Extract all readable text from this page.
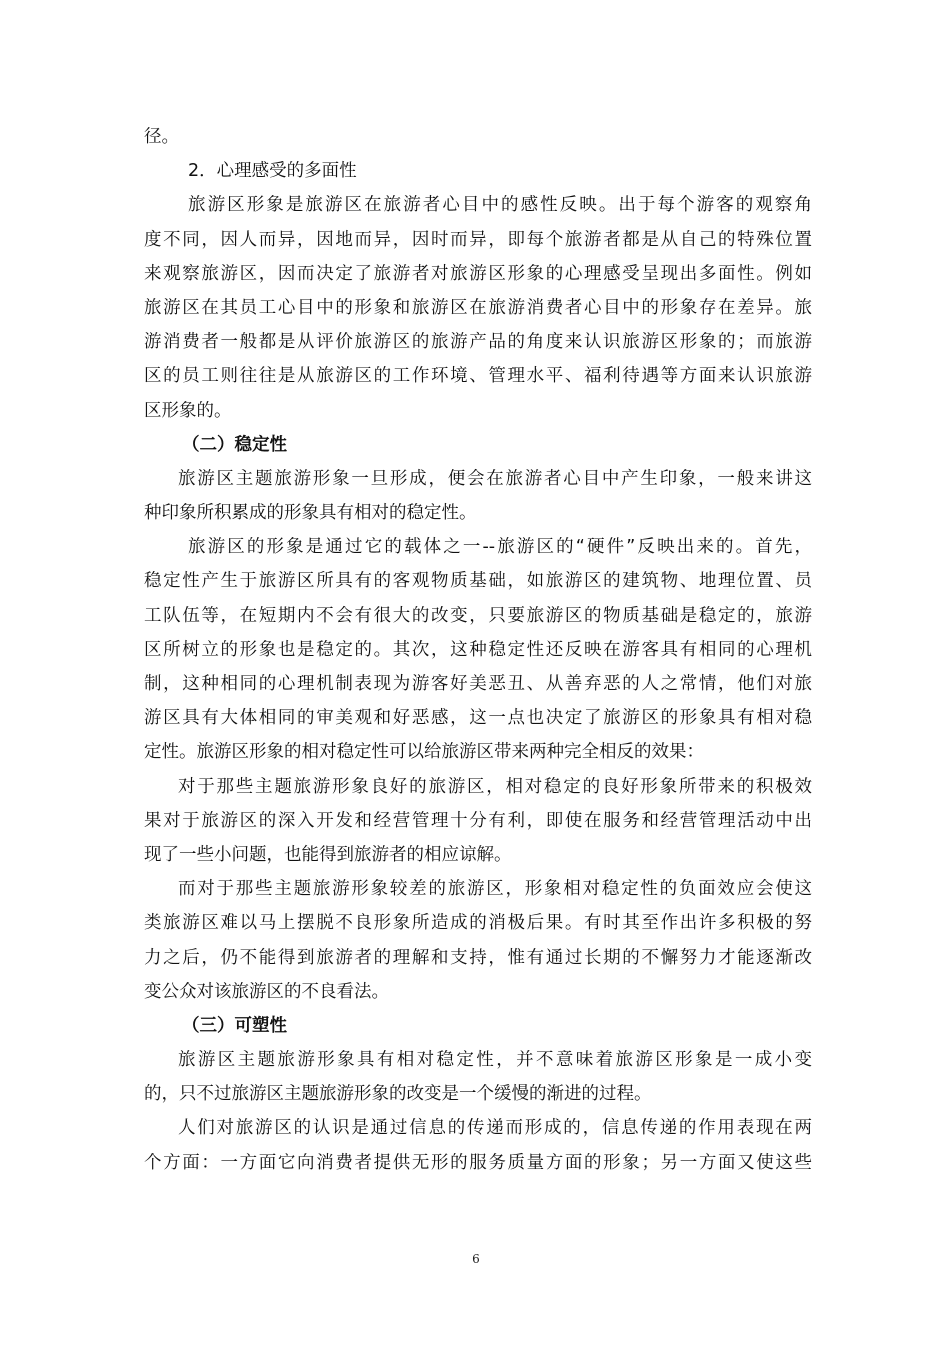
径。
2．心理感受的多面性
旅游区形象是旅游区在旅游者心目中的感性反映。出于每个游客的观察角
度不同，因人而异，因地而异，因时而异，即每个旅游者都是从自己的特殊位置
来观察旅游区，因而决定了旅游者对旅游区形象的心理感受呈现出多面性。例如
旅游区在其员工心目中的形象和旅游区在旅游消费者心目中的形象存在差异。旅
游消费者一般都是从评价旅游区的旅游产品的角度来认识旅游区形象的；而旅游
区的员工则往往是从旅游区的工作环境、管理水平、福利待遇等方面来认识旅游
区形象的。
（二）稳定性
旅游区主题旅游形象一旦形成，便会在旅游者心目中产生印象，一般来讲这
种印象所积累成的形象具有相对的稳定性。
旅游区的形象是通过它的载体之一--旅游区的“硬件”反映出来的。首先，
稳定性产生于旅游区所具有的客观物质基础，如旅游区的建筑物、地理位置、员
工队伍等，在短期内不会有很大的改变，只要旅游区的物质基础是稳定的，旅游
区所树立的形象也是稳定的。其次，这种稳定性还反映在游客具有相同的心理机
制，这种相同的心理机制表现为游客好美恶丑、从善弃恶的人之常情，他们对旅
游区具有大体相同的审美观和好恶感，这一点也决定了旅游区的形象具有相对稳
定性。旅游区形象的相对稳定性可以给旅游区带来两种完全相反的效果：
对于那些主题旅游形象良好的旅游区，相对稳定的良好形象所带来的积极效
果对于旅游区的深入开发和经营管理十分有利，即使在服务和经营管理活动中出
现了一些小问题，也能得到旅游者的相应谅解。
而对于那些主题旅游形象较差的旅游区，形象相对稳定性的负面效应会使这
类旅游区难以马上摆脱不良形象所造成的消极后果。有时其至作出许多积极的努
力之后，仍不能得到旅游者的理解和支持，惟有通过长期的不懈努力才能逐渐改
变公众对该旅游区的不良看法。
（三）可塑性
旅游区主题旅游形象具有相对稳定性，并不意味着旅游区形象是一成小变
的，只不过旅游区主题旅游形象的改变是一个缓慢的渐进的过程。
人们对旅游区的认识是通过信息的传递而形成的，信息传递的作用表现在两
个方面：一方面它向消费者提供无形的服务质量方面的形象；另一方面又使这些
6
